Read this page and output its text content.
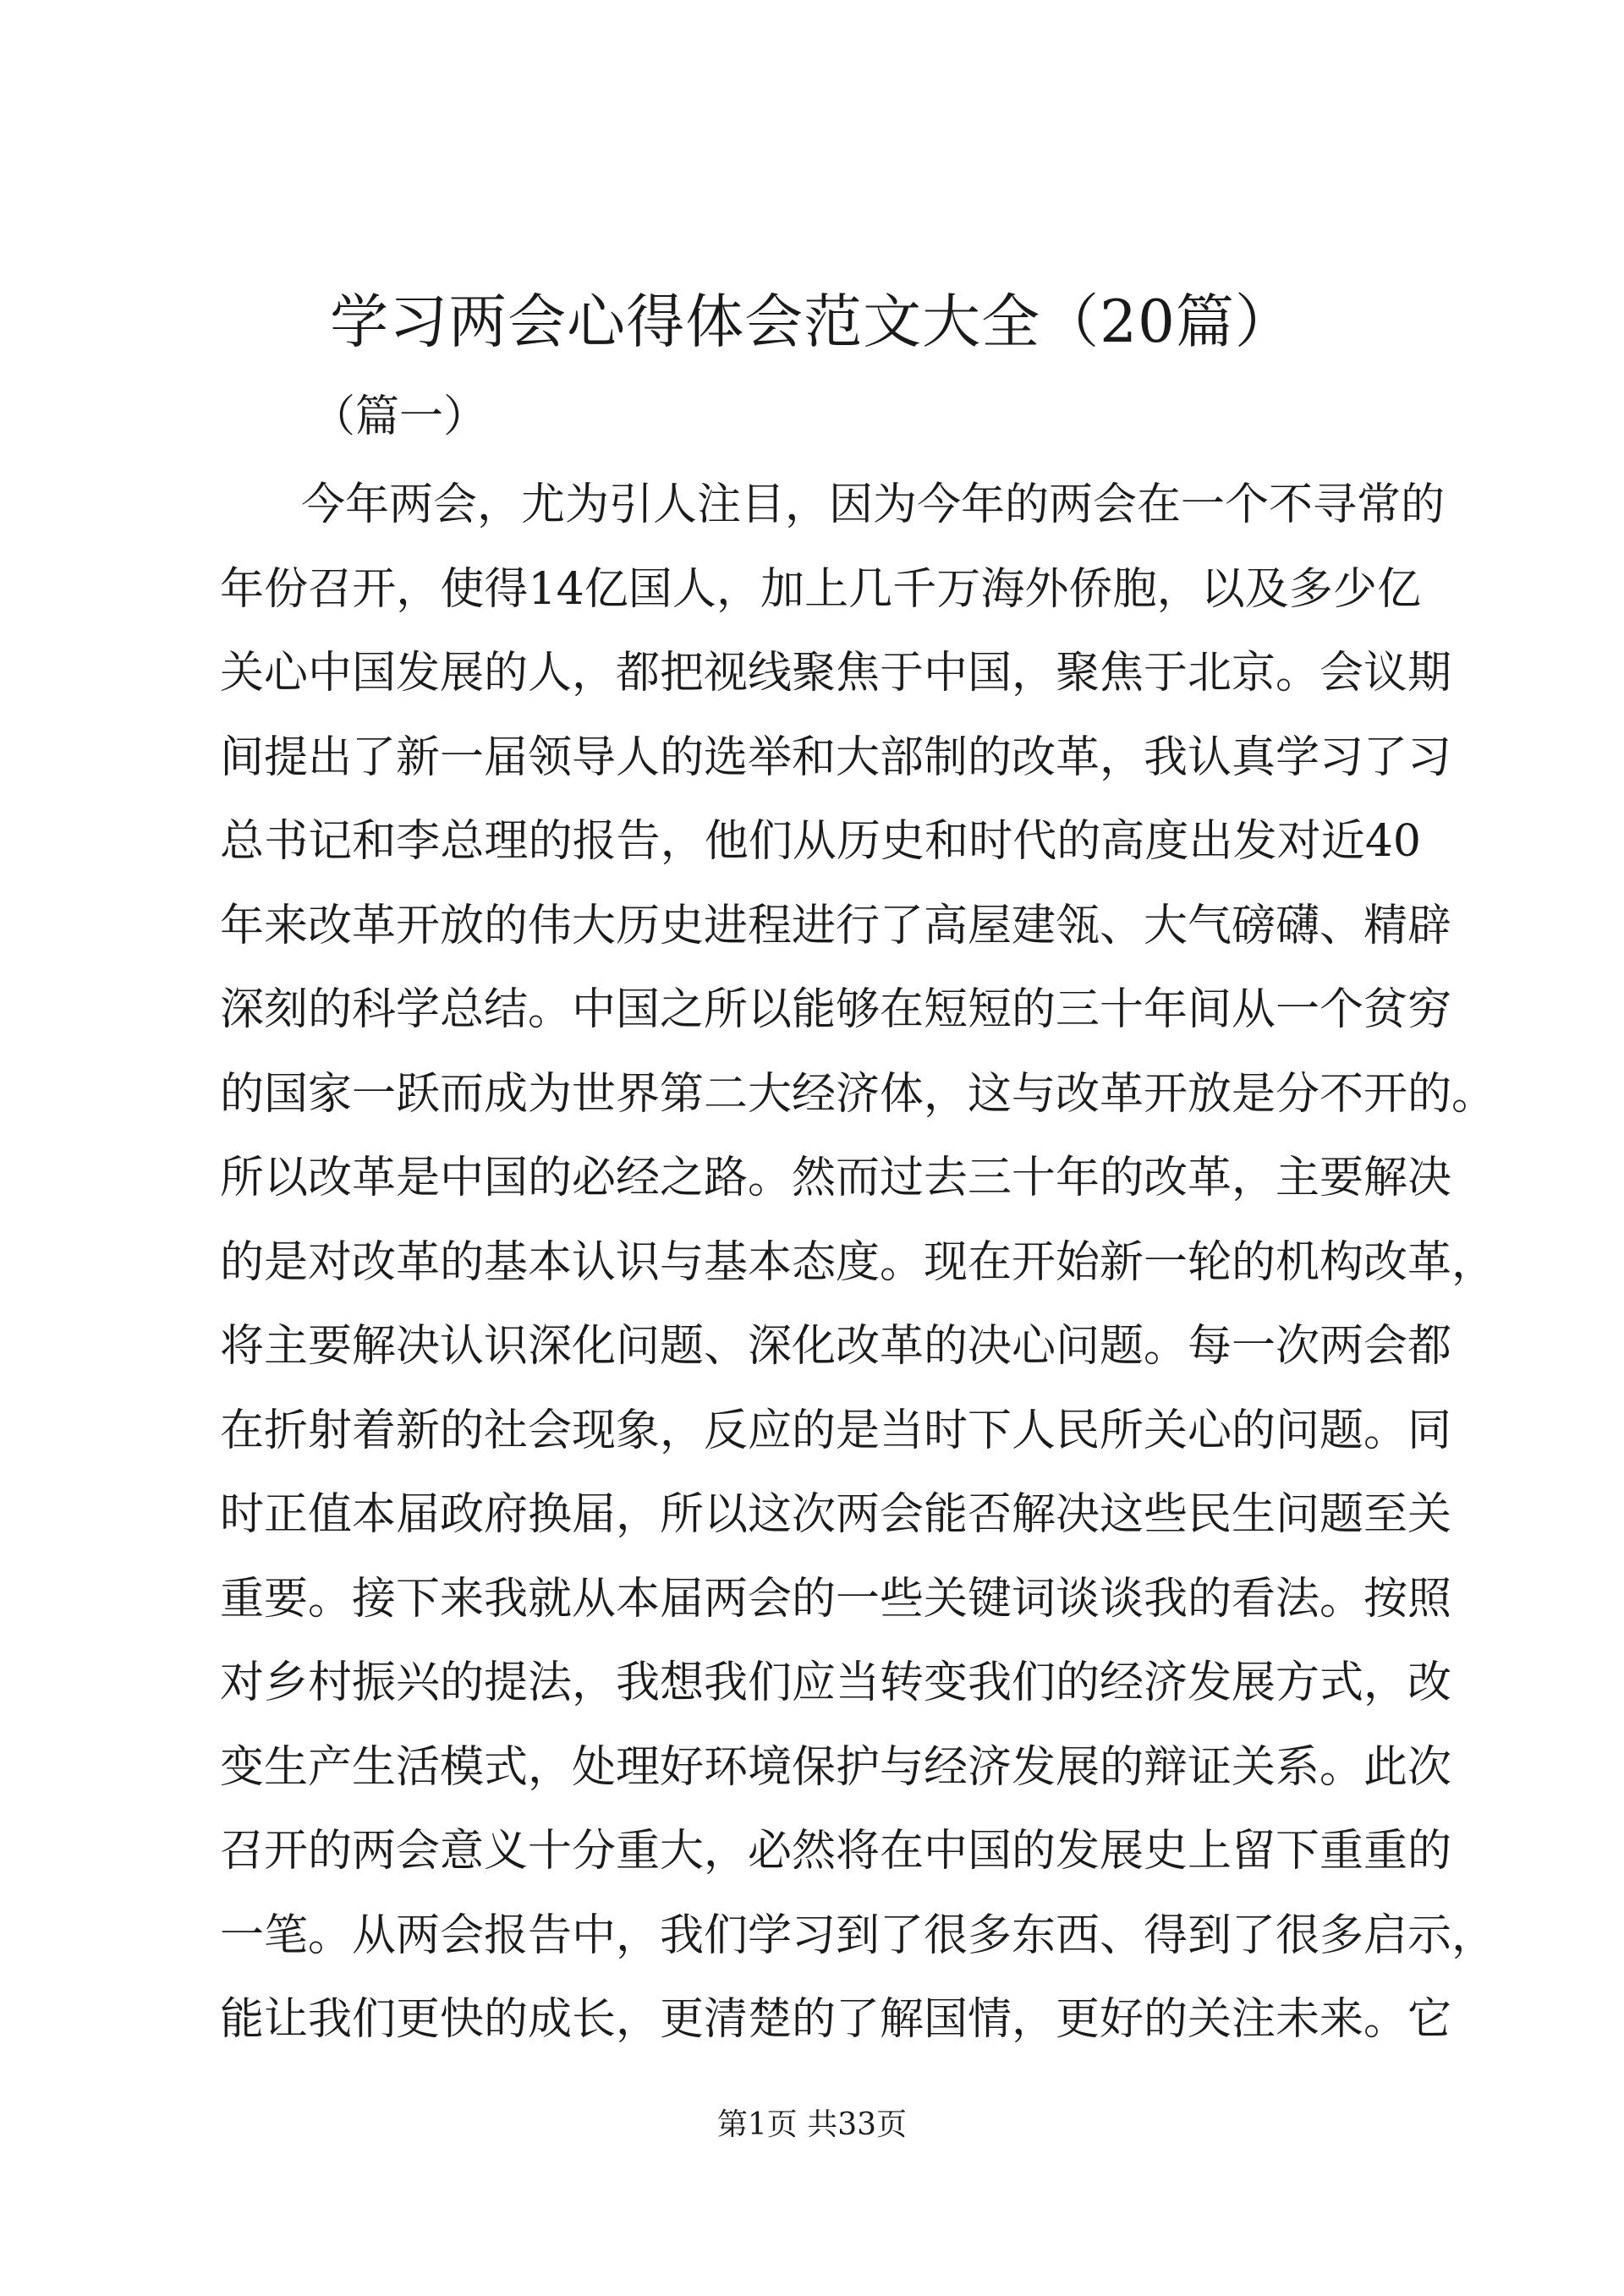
学习两会心得体会范文大全（20篇）
（篇一）
今年两会，尤为引人注目，因为今年的两会在一个不寻常的
年份召开，使得14亿国人，加上几千万海外侨胞，以及多少亿
关心中国发展的人，都把视线聚焦于中国，聚焦于北京。会议期
间提出了新一届领导人的选举和大部制的改革，我认真学习了习
总书记和李总理的报告，他们从历史和时代的高度出发对近40
年来改革开放的伟大历史进程进行了高屋建瓴、大气磅礴、精辟
深刻的科学总结。中国之所以能够在短短的三十年间从一个贫穷
的国家一跃而成为世界第二大经济体，这与改革开放是分不开的。
所以改革是中国的必经之路。然而过去三十年的改革，主要解决
的是对改革的基本认识与基本态度。现在开始新一轮的机构改革，
将主要解决认识深化问题、深化改革的决心问题。每一次两会都
在折射着新的社会现象，反应的是当时下人民所关心的问题。同
时正值本届政府换届，所以这次两会能否解决这些民生问题至关
重要。接下来我就从本届两会的一些关键词谈谈我的看法。按照
对乡村振兴的提法，我想我们应当转变我们的经济发展方式，改
变生产生活模式，处理好环境保护与经济发展的辩证关系。此次
召开的两会意义十分重大，必然将在中国的发展史上留下重重的
一笔。从两会报告中，我们学习到了很多东西、得到了很多启示，
能让我们更快的成长，更清楚的了解国情，更好的关注未来。它
第1页 共33页
